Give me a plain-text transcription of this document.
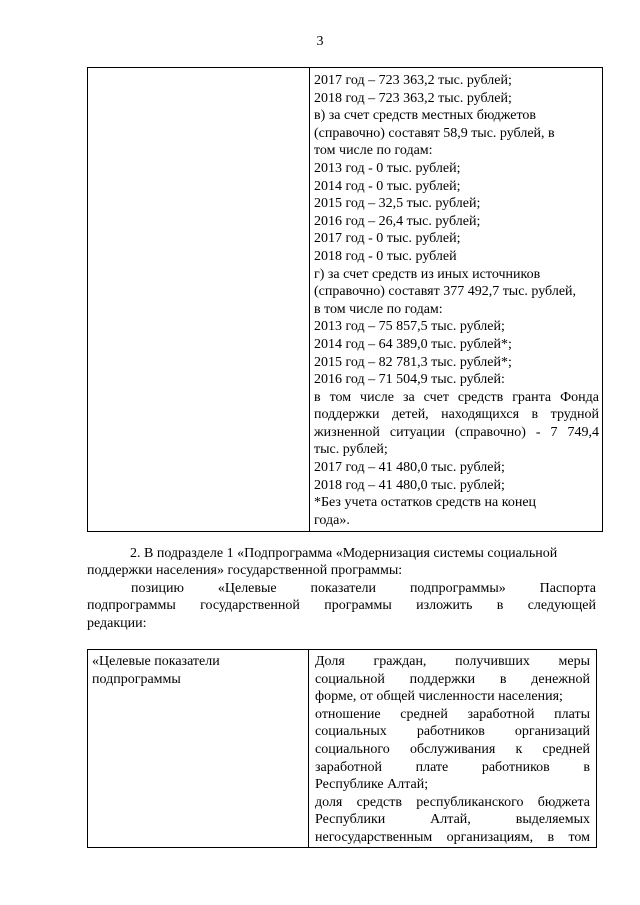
3

2017 год – 723 363,2 тыс. рублей;
2018 год – 723 363,2 тыс. рублей;
в) за счет средств местных бюджетов
(справочно) составят 58,9 тыс. рублей, в
том числе по годам:
2013 год - 0 тыс. рублей;
2014 год - 0 тыс. рублей;
2015 год – 32,5 тыс. рублей;
2016 год – 26,4 тыс. рублей;
2017 год - 0 тыс. рублей;
2018 год - 0 тыс. рублей
г) за счет средств из иных источников
(справочно) составят 377 492,7 тыс. рублей,
в том числе по годам:
2013 год – 75 857,5 тыс. рублей;
2014 год – 64 389,0 тыс. рублей*;
2015 год – 82 781,3 тыс. рублей*;
2016 год – 71 504,9 тыс. рублей:
в том числе за счет средств гранта Фонда
поддержки детей, находящихся в трудной
жизненной ситуации (справочно) - 7 749,4
тыс. рублей;
2017 год – 41 480,0 тыс. рублей;
2018 год – 41 480,0 тыс. рублей;
*Без учета остатков средств на конец
года».
2. В подразделе 1 «Подпрограмма «Модернизация системы социальной
поддержки населения» государственной программы:
позицию «Целевые показатели подпрограммы» Паспорта
подпрограммы государственной программы изложить в следующей
редакции:
«Целевые показатели
подпрограммы

Доля граждан, получивших меры
социальной поддержки в денежной
форме, от общей численности населения;
отношение средней заработной платы
социальных работников организаций
социального обслуживания к средней
заработной плате работников в
Республике Алтай;
доля средств республиканского бюджета
Республики Алтай, выделяемых
негосударственным организациям, в том
